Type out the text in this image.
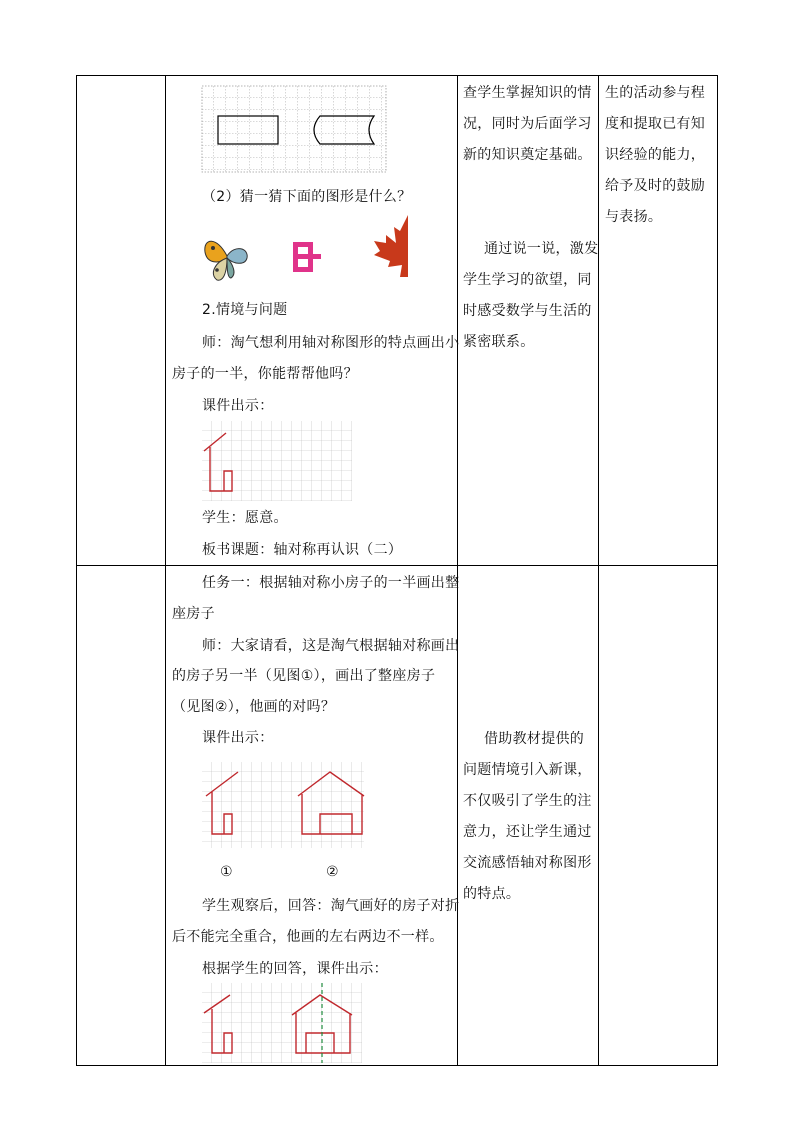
（2）猜一猜下面的图形是什么？
2.情境与问题
师：淘气想利用轴对称图形的特点画出小
房子的一半，你能帮帮他吗？
课件出示：
学生：愿意。
板书课题：轴对称再认识（二）
查学生掌握知识的情
况，同时为后面学习
新的知识奠定基础。
通过说一说，激发
学生学习的欲望，同
时感受数学与生活的
紧密联系。
生的活动参与程
度和提取已有知
识经验的能力，
给予及时的鼓励
与表扬。
任务一：根据轴对称小房子的一半画出整
座房子
师：大家请看，这是淘气根据轴对称画出
的房子另一半（见图①），画出了整座房子
（见图②），他画的对吗？
课件出示：
①	②
学生观察后，回答：淘气画好的房子对折
后不能完全重合，他画的左右两边不一样。
根据学生的回答，课件出示：
借助教材提供的
问题情境引入新课，
不仅吸引了学生的注
意力，还让学生通过
交流感悟轴对称图形
的特点。
